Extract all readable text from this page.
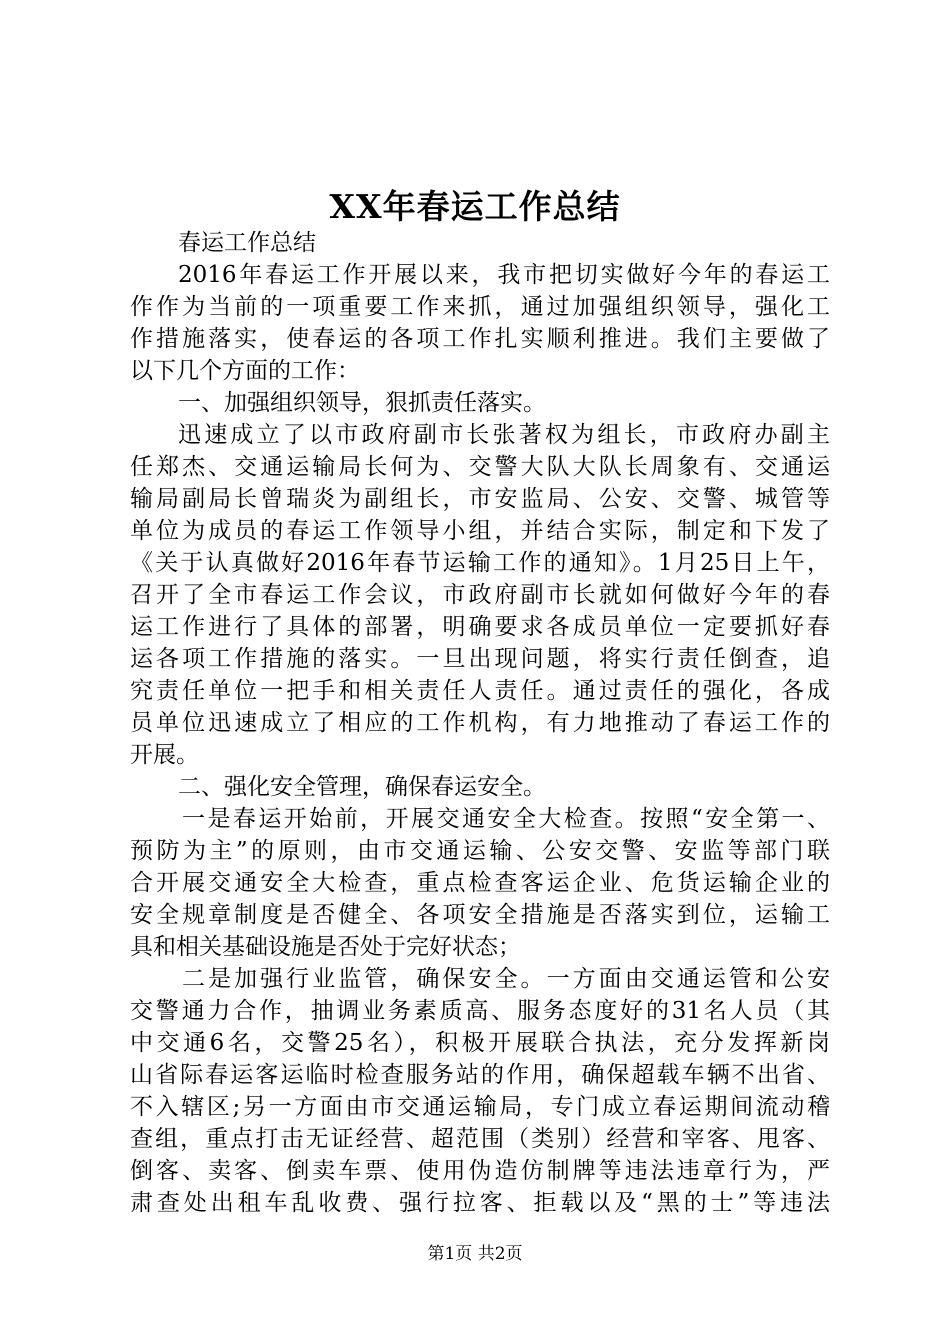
XX年春运工作总结
春运工作总结
2016年春运工作开展以来，我市把切实做好今年的春运工
作作为当前的一项重要工作来抓，通过加强组织领导，强化工
作措施落实，使春运的各项工作扎实顺利推进。我们主要做了
以下几个方面的工作：
一、加强组织领导，狠抓责任落实。
迅速成立了以市政府副市长张著权为组长，市政府办副主
任郑杰、交通运输局长何为、交警大队大队长周象有、交通运
输局副局长曾瑞炎为副组长，市安监局、公安、交警、城管等
单位为成员的春运工作领导小组，并结合实际，制定和下发了
《关于认真做好2016年春节运输工作的通知》。1月25日上午，
召开了全市春运工作会议，市政府副市长就如何做好今年的春
运工作进行了具体的部署，明确要求各成员单位一定要抓好春
运各项工作措施的落实。一旦出现问题，将实行责任倒查，追
究责任单位一把手和相关责任人责任。通过责任的强化，各成
员单位迅速成立了相应的工作机构，有力地推动了春运工作的
开展。
二、强化安全管理，确保春运安全。
一是春运开始前，开展交通安全大检查。按照“安全第一、
预防为主”的原则，由市交通运输、公安交警、安监等部门联
合开展交通安全大检查，重点检查客运企业、危货运输企业的
安全规章制度是否健全、各项安全措施是否落实到位，运输工
具和相关基础设施是否处于完好状态；
二是加强行业监管，确保安全。一方面由交通运管和公安
交警通力合作，抽调业务素质高、服务态度好的31名人员（其
中交通6名，交警25名），积极开展联合执法，充分发挥新岗
山省际春运客运临时检查服务站的作用，确保超载车辆不出省、
不入辖区;另一方面由市交通运输局，专门成立春运期间流动稽
查组，重点打击无证经营、超范围（类别）经营和宰客、甩客、
倒客、卖客、倒卖车票、使用伪造仿制牌等违法违章行为，严
肃查处出租车乱收费、强行拉客、拒载以及“黑的士”等违法
第1页 共2页
